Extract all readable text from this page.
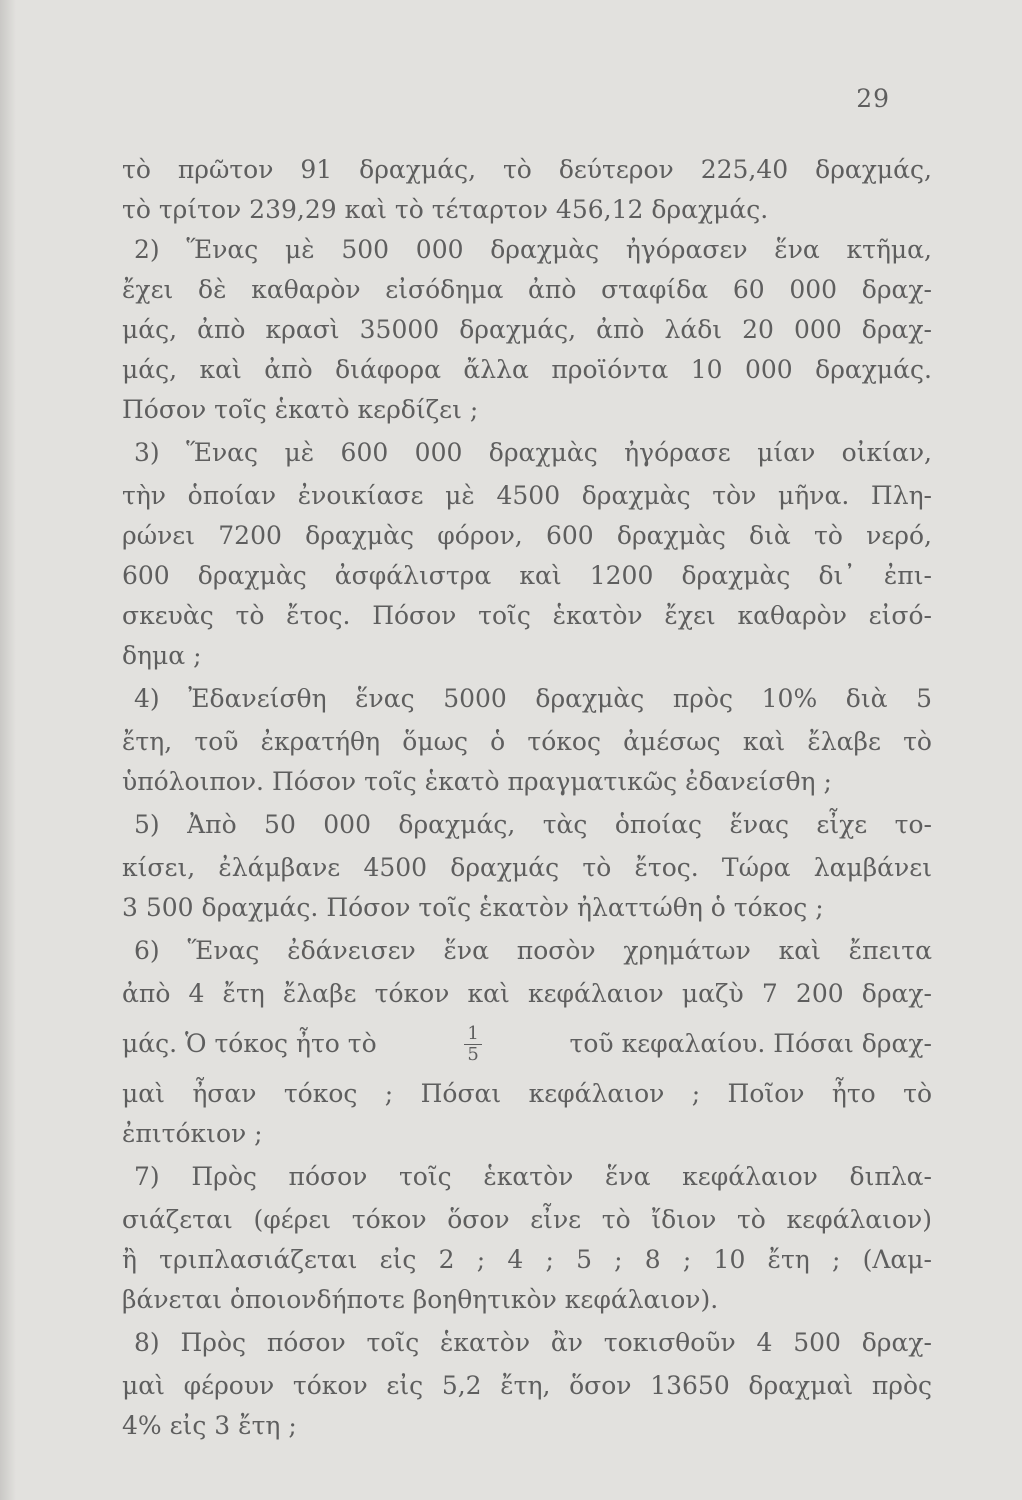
29
τὸ πρῶτον 91 δραχμάς, τὸ δεύτερον 225,40 δραχμάς,
τὸ τρίτον 239,29 καὶ τὸ τέταρτον 456,12 δραχμάς.
2) Ἕνας μὲ 500 000 δραχμὰς ἠγόρασεν ἕνα κτῆμα,
ἔχει δὲ καθαρὸν εἰσόδημα ἀπὸ σταφίδα 60 000 δραχ-
μάς, ἀπὸ κρασὶ 35000 δραχμάς, ἀπὸ λάδι 20 000 δραχ-
μάς, καὶ ἀπὸ διάφορα ἄλλα προϊόντα 10 000 δραχμάς.
Πόσον τοῖς ἑκατὸ κερδίζει ;
3) Ἕνας μὲ 600 000 δραχμὰς ἠγόρασε μίαν οἰκίαν,
τὴν ὁποίαν ἐνοικίασε μὲ 4500 δραχμὰς τὸν μῆνα. Πλη-
ρώνει 7200 δραχμὰς φόρον, 600 δραχμὰς διὰ τὸ νερό,
600 δραχμὰς ἀσφάλιστρα καὶ 1200 δραχμὰς δι᾿ ἐπι-
σκευὰς τὸ ἔτος. Πόσον τοῖς ἑκατὸν ἔχει καθαρὸν εἰσό-
δημα ;
4) Ἐδανείσθη ἕνας 5000 δραχμὰς πρὸς 10% διὰ 5
ἔτη, τοῦ ἐκρατήθη ὅμως ὁ τόκος ἀμέσως καὶ ἔλαβε τὸ
ὑπόλοιπον. Πόσον τοῖς ἑκατὸ πραγματικῶς ἐδανείσθη ;
5) Ἀπὸ 50 000 δραχμάς, τὰς ὁποίας ἕνας εἶχε το-
κίσει, ἐλάμβανε 4500 δραχμάς τὸ ἔτος. Τώρα λαμβάνει
3 500 δραχμάς. Πόσον τοῖς ἑκατὸν ἠλαττώθη ὁ τόκος ;
6) Ἕνας ἐδάνεισεν ἕνα ποσὸν χρημάτων καὶ ἔπειτα
ἀπὸ 4 ἔτη ἔλαβε τόκον καὶ κεφάλαιον μαζὺ 7 200 δραχ-
μάς. Ὁ τόκος ἦτο τὸ	$\frac{1}{5}$	τοῦ κεφαλαίου. Πόσαι δραχ-
μαὶ ἦσαν τόκος ; Πόσαι κεφάλαιον ; Ποῖον ἦτο τὸ
ἐπιτόκιον ;
7) Πρὸς πόσον τοῖς ἑκατὸν ἕνα κεφάλαιον διπλα-
σιάζεται (φέρει τόκον ὅσον εἶνε τὸ ἴδιον τὸ κεφάλαιον)
ἢ τριπλασιάζεται εἰς 2 ; 4 ; 5 ; 8 ; 10 ἔτη ; (Λαμ-
βάνεται ὁποιονδήποτε βοηθητικὸν κεφάλαιον).
8) Πρὸς πόσον τοῖς ἑκατὸν ἂν τοκισθοῦν 4 500 δραχ-
μαὶ φέρουν τόκον εἰς 5,2 ἔτη, ὅσον 13650 δραχμαὶ πρὸς
4% εἰς 3 ἔτη ;
